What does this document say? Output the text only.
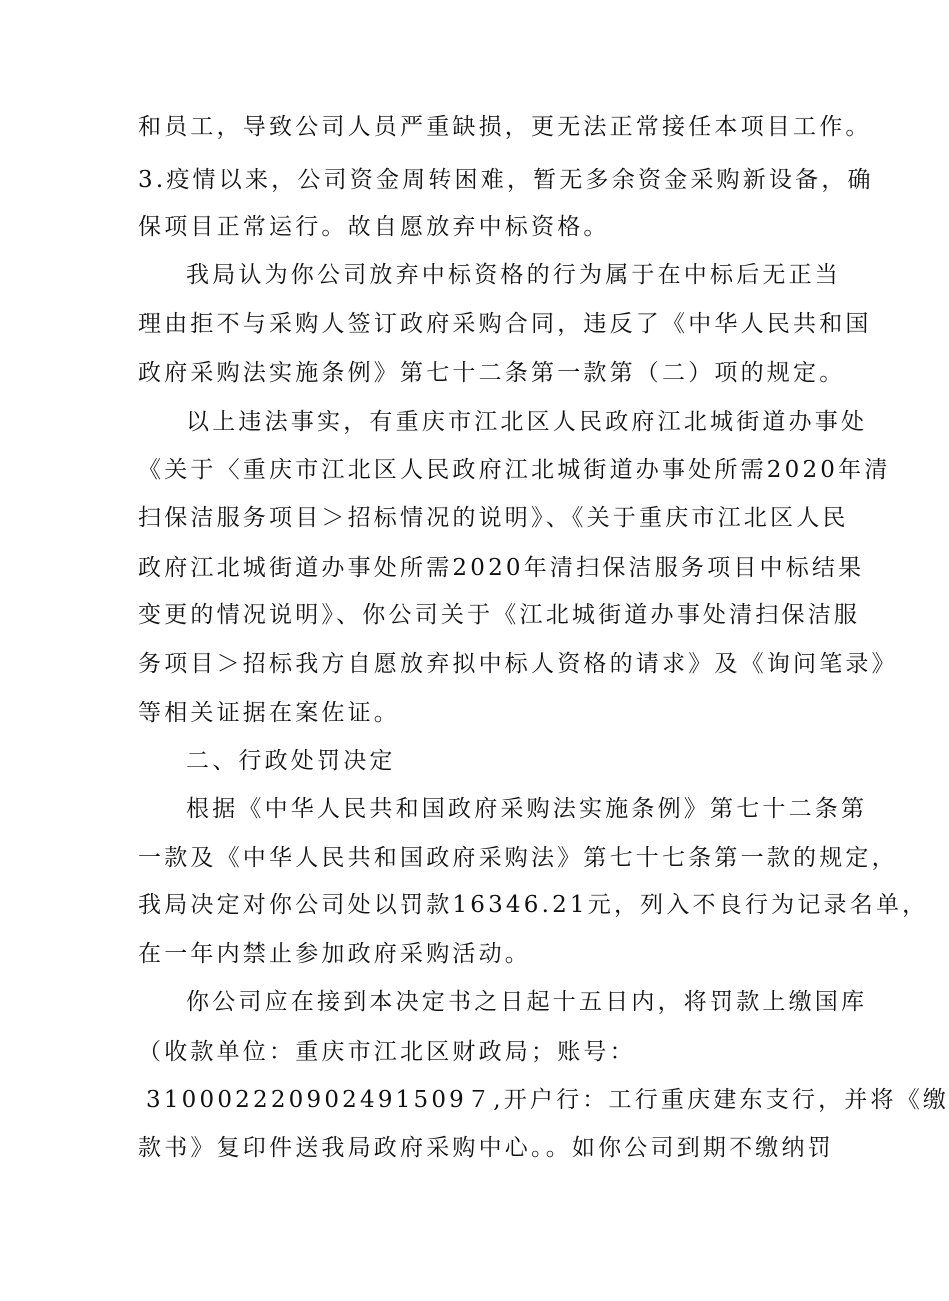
和员工，导致公司人员严重缺损，更无法正常接任本项目工作。
3.疫情以来，公司资金周转困难，暂无多余资金采购新设备，确
保项目正常运行。故自愿放弃中标资格。
我局认为你公司放弃中标资格的行为属于在中标后无正当
理由拒不与采购人签订政府采购合同，违反了《中华人民共和国
政府采购法实施条例》第七十二条第一款第（二）项的规定。
以上违法事实，有重庆市江北区人民政府江北城街道办事处
《关于〈重庆市江北区人民政府江北城街道办事处所需2020年清
扫保洁服务项目＞招标情况的说明》、《关于重庆市江北区人民
政府江北城街道办事处所需2020年清扫保洁服务项目中标结果
变更的情况说明》、你公司关于《江北城街道办事处清扫保洁服
务项目＞招标我方自愿放弃拟中标人资格的请求》及《询问笔录》
等相关证据在案佐证。
二、行政处罚决定
根据《中华人民共和国政府采购法实施条例》第七十二条第
一款及《中华人民共和国政府采购法》第七十七条第一款的规定，
我局决定对你公司处以罚款16346.21元，列入不良行为记录名单，
在一年内禁止参加政府采购活动。
你公司应在接到本决定书之日起十五日内，将罚款上缴国库
（收款单位：重庆市江北区财政局；账号：
310002220902491509７,开户行：工行重庆建东支行，并将《缴
款书》复印件送我局政府采购中心。。如你公司到期不缴纳罚
